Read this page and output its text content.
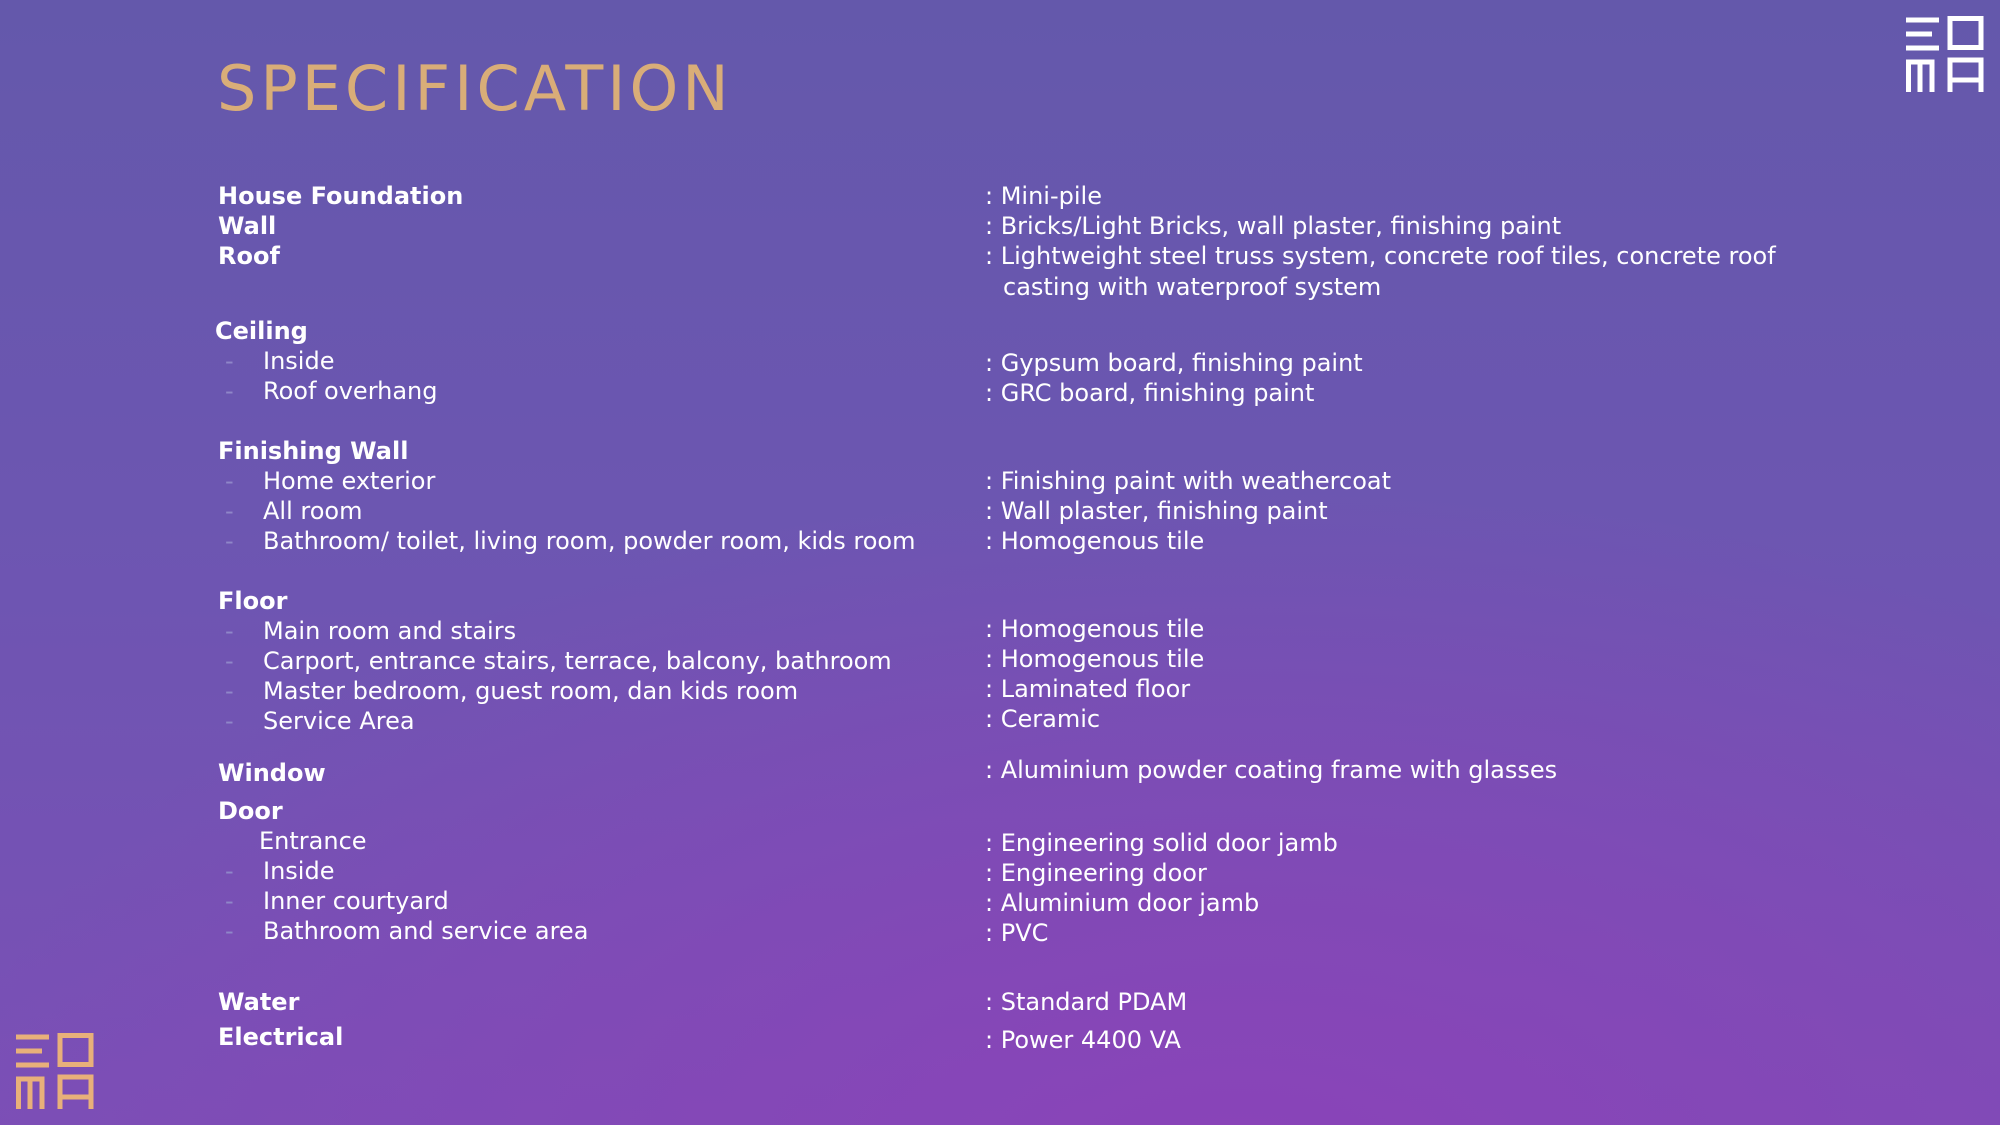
SPECIFICATION
House Foundation	: Mini-pile
Wall	: Bricks/Light Bricks, wall plaster, finishing paint
Roof	: Lightweight steel truss system, concrete roof tiles, concrete roof
casting with waterproof system
Ceiling
- Inside	: Gypsum board, finishing paint
- Roof overhang	: GRC board, finishing paint
Finishing Wall
- Home exterior	: Finishing paint with weathercoat
- All room	: Wall plaster, finishing paint
- Bathroom/ toilet, living room, powder room, kids room	: Homogenous tile
Floor
- Main room and stairs	: Homogenous tile
- Carport, entrance stairs, terrace, balcony, bathroom	: Homogenous tile
- Master bedroom, guest room, dan kids room	: Laminated floor
- Service Area	: Ceramic
Window	: Aluminium powder coating frame with glasses
Door
Entrance	: Engineering solid door jamb
- Inside	: Engineering door
- Inner courtyard	: Aluminium door jamb
- Bathroom and service area	: PVC
Water	: Standard PDAM
Electrical	: Power 4400 VA
